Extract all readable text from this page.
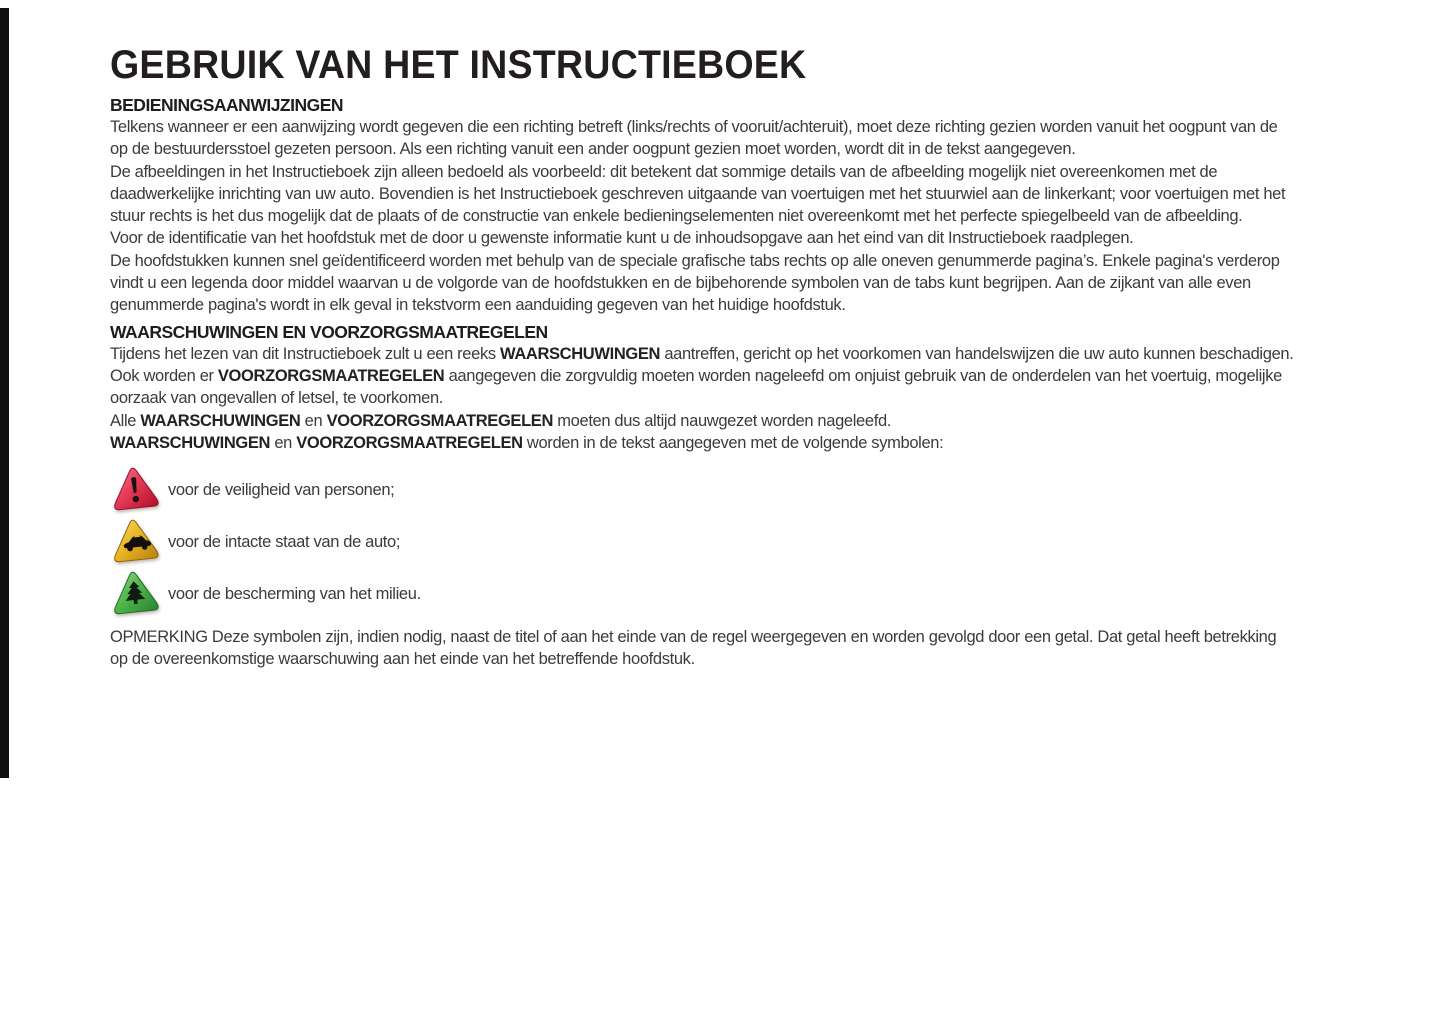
GEBRUIK VAN HET INSTRUCTIEBOEK
BEDIENINGSAANWIJZINGEN

Telkens wanneer er een aanwijzing wordt gegeven die een richting betreft (links/rechts of vooruit/achteruit), moet deze richting gezien worden vanuit het oogpunt van de op de bestuurdersstoel gezeten persoon. Als een richting vanuit een ander oogpunt gezien moet worden, wordt dit in de tekst aangegeven.

De afbeeldingen in het Instructieboek zijn alleen bedoeld als voorbeeld: dit betekent dat sommige details van de afbeelding mogelijk niet overeenkomen met de daadwerkelijke inrichting van uw auto. Bovendien is het Instructieboek geschreven uitgaande van voertuigen met het stuurwiel aan de linkerkant; voor voertuigen met het stuur rechts is het dus mogelijk dat de plaats of de constructie van enkele bedieningselementen niet overeenkomt met het perfecte spiegelbeeld van de afbeelding.

Voor de identificatie van het hoofdstuk met de door u gewenste informatie kunt u de inhoudsopgave aan het eind van dit Instructieboek raadplegen.

De hoofdstukken kunnen snel geïdentificeerd worden met behulp van de speciale grafische tabs rechts op alle oneven genummerde pagina’s. Enkele pagina's verderop vindt u een legenda door middel waarvan u de volgorde van de hoofdstukken en de bijbehorende symbolen van de tabs kunt begrijpen. Aan de zijkant van alle even genummerde pagina's wordt in elk geval in tekstvorm een aanduiding gegeven van het huidige hoofdstuk.

WAARSCHUWINGEN EN VOORZORGSMAATREGELEN

Tijdens het lezen van dit Instructieboek zult u een reeks WAARSCHUWINGEN aantreffen, gericht op het voorkomen van handelswijzen die uw auto kunnen beschadigen.

Ook worden er VOORZORGSMAATREGELEN aangegeven die zorgvuldig moeten worden nageleefd om onjuist gebruik van de onderdelen van het voertuig, mogelijke oorzaak van ongevallen of letsel, te voorkomen.

Alle WAARSCHUWINGEN en VOORZORGSMAATREGELEN moeten dus altijd nauwgezet worden nageleefd.

WAARSCHUWINGEN en VOORZORGSMAATREGELEN worden in de tekst aangegeven met de volgende symbolen:

voor de veiligheid van personen;
voor de intacte staat van de auto;
voor de bescherming van het milieu.

OPMERKING Deze symbolen zijn, indien nodig, naast de titel of aan het einde van de regel weergegeven en worden gevolgd door een getal. Dat getal heeft betrekking op de overeenkomstige waarschuwing aan het einde van het betreffende hoofdstuk.
